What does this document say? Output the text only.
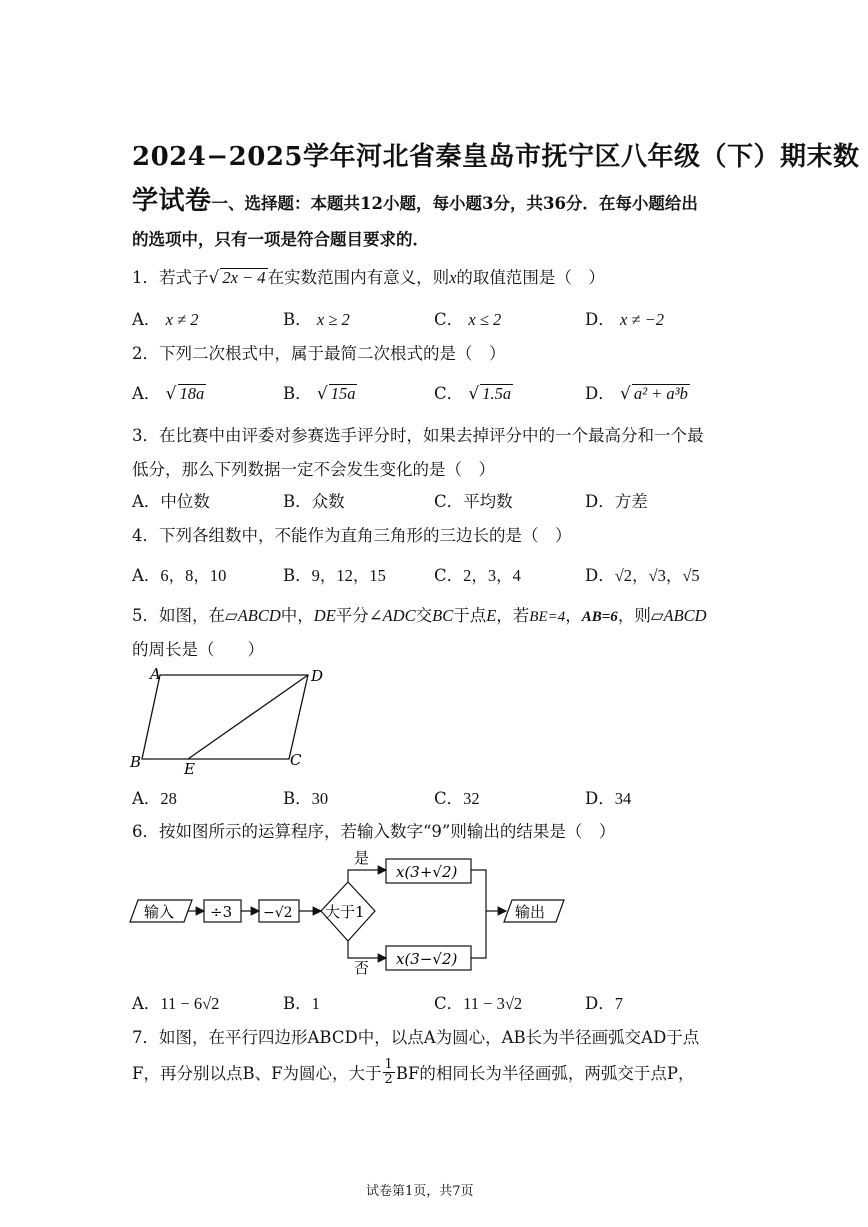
2024−2025学年河北省秦皇岛市抚宁区八年级（下）期末数
学试卷一、选择题：本题共12小题，每小题3分，共36分．在每小题给出
的选项中，只有一项是符合题目要求的．
1．若式子√ 2x − 4 在实数范围内有意义，则x的取值范围是（　）
A． x ≠ 2	B． x ≥ 2	C． x ≤ 2	D． x ≠ −2
2．下列二次根式中，属于最简二次根式的是（　）
A． √ 18a	B． √ 15a	C． √ 1.5a	D． √ a² + a³b
3．在比赛中由评委对参赛选手评分时，如果去掉评分中的一个最高分和一个最
低分，那么下列数据一定不会发生变化的是（　）
A．中位数	B．众数	C．平均数	D．方差
4．下列各组数中，不能作为直角三角形的三边长的是（　）
A．6，8，10	B．9，12，15	C．2，3，4	D．√2，√3，√5
5．如图，在▱ABCD中，DE平分∠ADC交BC于点E，若BE=4，AB=6，则▱ABCD
的周长是（　　）
A	D
B	C
E
A．28	B．30	C．32	D．34
6．按如图所示的运算程序，若输入数字“9”则输出的结果是（　）
输入 ÷3 −√2 大于1
是
x(3+√2)
否 x(3−√2)
输出
A．11 − 6√2	B．1	C．11 − 3√2	D．7
7．如图，在平行四边形ABCD中，以点A为圆心，AB长为半径画弧交AD于点
F，再分别以点B、F为圆心，大于 $\frac{1}{2}$ BF的相同长为半径画弧，两弧交于点P，
试卷第1页，共7页
